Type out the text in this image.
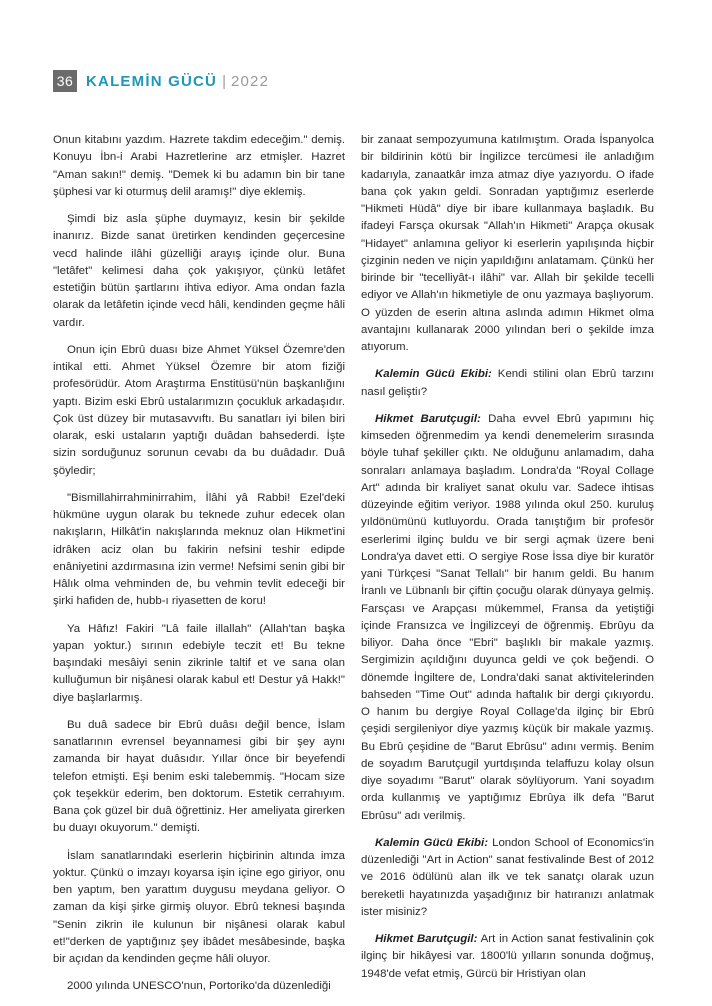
36 KALEMİN GÜCÜ | 2022

Onun kitabını yazdım. Hazrete takdim edeceğim." demiş. Konuyu İbn-i Arabi Hazretlerine arz etmişler. Hazret "Aman sakın!" demiş. "Demek ki bu adamın bin bir tane şüphesi var ki oturmuş delil aramış!" diye eklemiş.

Şimdi biz asla şüphe duymayız, kesin bir şekilde inanırız. Bizde sanat üretirken kendinden geçercesine vecd halinde ilâhi güzelliği arayış içinde olur. Buna "letâfet" kelimesi daha çok yakışıyor, çünkü letâfet estetiğin bütün şartlarını ihtiva ediyor. Ama ondan fazla olarak da letâfetin içinde vecd hâli, kendinden geçme hâli vardır.

Onun için Ebrû duası bize Ahmet Yüksel Özemre'den intikal etti. Ahmet Yüksel Özemre bir atom fiziği profesörüdür. Atom Araştırma Enstitüsü'nün başkanlığını yaptı. Bizim eski Ebrû ustalarımızın çocukluk arkadaşıdır. Çok üst düzey bir mutasavvıftı. Bu sanatları iyi bilen biri olarak, eski ustaların yaptığı duâdan bahsederdi. İşte sizin sorduğunuz sorunun cevabı da bu duâdadır. Duâ şöyledir;

"Bismillahirrahminirrahim, İlâhi yâ Rabbi! Ezel'deki hükmüne uygun olarak bu teknede zuhur edecek olan nakışların, Hilkât'in nakışlarında meknuz olan Hikmet'ini idrâken aciz olan bu fakirin nefsini teshir edipde enâniyetini azdırmasına izin verme! Nefsimi senin gibi bir Hâlık olma vehminden de, bu vehmin tevlit edeceği bir şirki hafiden de, hubb-ı riyasetten de koru!

Ya Hâfız! Fakiri "Lâ faile illallah" (Allah'tan başka yapan yoktur.) sırının edebiyle teczit et! Bu tekne başındaki mesâiyi senin zikrinle taltif et ve sana olan kulluğumun bir nişânesi olarak kabul et! Destur yâ Hakk!" diye başlarlarmış.

Bu duâ sadece bir Ebrû duâsı değil bence, İslam sanatlarının evrensel beyannamesi gibi bir şey aynı zamanda bir hayat duâsıdır. Yıllar önce bir beyefendi telefon etmişti. Eşi benim eski talebemmiş. "Hocam size çok teşekkür ederim, ben doktorum. Estetik cerrahıyım. Bana çok güzel bir duâ öğrettiniz. Her ameliyata girerken bu duayı okuyorum." demişti.

İslam sanatlarındaki eserlerin hiçbirinin altında imza yoktur. Çünkü o imzayı koyarsa işin içine ego giriyor, onu ben yaptım, ben yarattım duygusu meydana geliyor. O zaman da kişi şirke girmiş oluyor. Ebrû teknesi başında "Senin zikrin ile kulunun bir nişânesi olarak kabul et!"derken de yaptığınız şey ibâdet mesâbesinde, başka bir açıdan da kendinden geçme hâli oluyor.

2000 yılında UNESCO'nun, Portoriko'da düzenlediği

bir zanaat sempozyumuna katılmıştım. Orada İspanyolca bir bildirinin kötü bir İngilizce tercümesi ile anladığım kadarıyla, zanaatkâr imza atmaz diye yazıyordu. O ifade bana çok yakın geldi. Sonradan yaptığımız eserlerde "Hikmeti Hüdâ" diye bir ibare kullanmaya başladık. Bu ifadeyi Farsça okursak "Allah'ın Hikmeti" Arapça okusak "Hidayet" anlamına geliyor ki eserlerin yapılışında hiçbir çizginin neden ve niçin yapıldığını anlatamam. Çünkü her birinde bir "tecelliyât-ı ilâhi" var. Allah bir şekilde tecelli ediyor ve Allah'ın hikmetiyle de onu yazmaya başlıyorum. O yüzden de eserin altına aslında adımın Hikmet olma avantajını kullanarak 2000 yılından beri o şekilde imza atıyorum.

Kalemin Gücü Ekibi: Kendi stilini olan Ebrû tarzını nasıl geliştiı?

Hikmet Barutçugil: Daha evvel Ebrû yapımını hiç kimseden öğrenmedim ya kendi denemelerim sırasında böyle tuhaf şekiller çıktı. Ne olduğunu anlamadım, daha sonraları anlamaya başladım. Londra'da "Royal Collage Art" adında bir kraliyet sanat okulu var. Sadece ihtisas düzeyinde eğitim veriyor. 1988 yılında okul 250. kuruluş yıldönümünü kutluyordu. Orada tanıştığım bir profesör eserlerimi ilginç buldu ve bir sergi açmak üzere beni Londra'ya davet etti. O sergiye Rose İssa diye bir kuratör yani Türkçesi "Sanat Tellalı" bir hanım geldi. Bu hanım İranlı ve Lübnanlı bir çiftin çocuğu olarak dünyaya gelmiş. Farsçası ve Arapçası mükemmel, Fransa da yetiştiği içinde Fransızca ve İngilizceyi de öğrenmiş. Ebrûyu da biliyor. Daha önce "Ebri" başlıklı bir makale yazmış. Sergimizin açıldığını duyunca geldi ve çok beğendi. O dönemde İngiltere de, Londra'daki sanat aktivitelerinden bahseden "Time Out" adında haftalık bir dergi çıkıyordu. O hanım bu dergiye Royal Collage'da ilginç bir Ebrû çeşidi sergileniyor diye yazmış küçük bir makale yazmış. Bu Ebrû çeşidine de "Barut Ebrûsu" adını vermiş. Benim de soyadım Barutçugil yurtdışında telaffuzu kolay olsun diye soyadımı "Barut" olarak söylüyorum. Yani soyadım orda kullanmış ve yaptığımız Ebrûya ilk defa "Barut Ebrûsu" adı verilmiş.

Kalemin Gücü Ekibi: London School of Economics'in düzenlediği "Art in Action" sanat festivalinde Best of 2012 ve 2016 ödülünü alan ilk ve tek sanatçı olarak uzun bereketli hayatınızda yaşadığınız bir hatıranızı anlatmak ister misiniz?

Hikmet Barutçugil: Art in Action sanat festivalinin çok ilginç bir hikâyesi var. 1800'lü yılların sonunda doğmuş, 1948'de vefat etmiş, Gürcü bir Hristiyan olan
